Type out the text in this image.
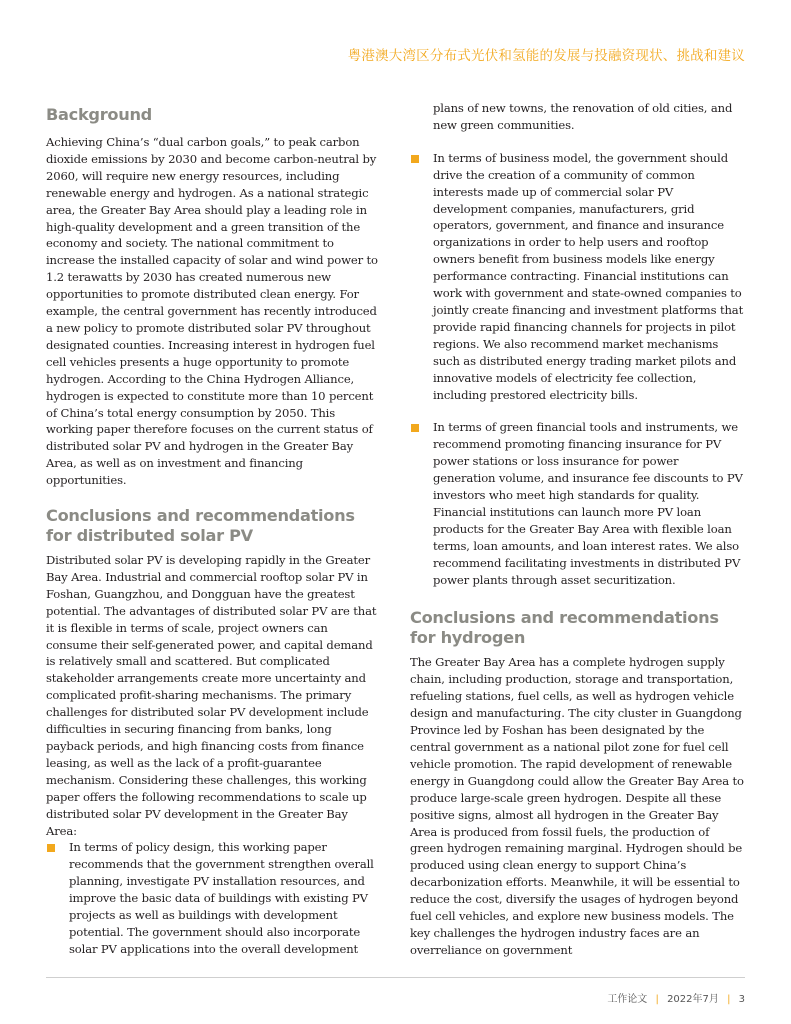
粤港澳大湾区分布式光伏和氢能的发展与投融资现状、挑战和建议
Background

Achieving China’s “dual carbon goals,” to peak carbon dioxide emissions by 2030 and become carbon-neutral by 2060, will require new energy resources, including renewable energy and hydrogen. As a national strategic area, the Greater Bay Area should play a leading role in high-quality development and a green transition of the economy and society. The national commitment to increase the installed capacity of solar and wind power to 1.2 terawatts by 2030 has created numerous new opportunities to promote distributed clean energy. For example, the central government has recently introduced a new policy to promote distributed solar PV throughout designated counties. Increasing interest in hydrogen fuel cell vehicles presents a huge opportunity to promote hydrogen. According to the China Hydrogen Alliance, hydrogen is expected to constitute more than 10 percent of China’s total energy consumption by 2050. This working paper therefore focuses on the current status of distributed solar PV and hydrogen in the Greater Bay Area, as well as on investment and financing opportunities.

Conclusions and recommendations
for distributed solar PV

Distributed solar PV is developing rapidly in the Greater Bay Area. Industrial and commercial rooftop solar PV in Foshan, Guangzhou, and Dongguan have the greatest potential. The advantages of distributed solar PV are that it is flexible in terms of scale, project owners can consume their self-generated power, and capital demand is relatively small and scattered. But complicated stakeholder arrangements create more uncertainty and complicated profit-sharing mechanisms. The primary challenges for distributed solar PV development include difficulties in securing financing from banks, long payback periods, and high financing costs from finance leasing, as well as the lack of a profit-guarantee mechanism. Considering these challenges, this working paper offers the following recommendations to scale up distributed solar PV development in the Greater Bay Area:

In terms of policy design, this working paper recommends that the government strengthen overall planning, investigate PV installation resources, and improve the basic data of buildings with existing PV projects as well as buildings with development potential. The government should also incorporate solar PV applications into the overall development
plans of new towns, the renovation of old cities, and new green communities.
In terms of business model, the government should drive the creation of a community of common interests made up of commercial solar PV development companies, manufacturers, grid operators, government, and finance and insurance organizations in order to help users and rooftop owners benefit from business models like energy performance contracting. Financial institutions can work with government and state-owned companies to jointly create financing and investment platforms that provide rapid financing channels for projects in pilot regions. We also recommend market mechanisms such as distributed energy trading market pilots and innovative models of electricity fee collection, including prestored electricity bills.
In terms of green financial tools and instruments, we recommend promoting financing insurance for PV power stations or loss insurance for power generation volume, and insurance fee discounts to PV investors who meet high standards for quality. Financial institutions can launch more PV loan products for the Greater Bay Area with flexible loan terms, loan amounts, and loan interest rates. We also recommend facilitating investments in distributed PV power plants through asset securitization.
Conclusions and recommendations
for hydrogen

The Greater Bay Area has a complete hydrogen supply chain, including production, storage and transportation, refueling stations, fuel cells, as well as hydrogen vehicle design and manufacturing. The city cluster in Guangdong Province led by Foshan has been designated by the central government as a national pilot zone for fuel cell vehicle promotion. The rapid development of renewable energy in Guangdong could allow the Greater Bay Area to produce large-scale green hydrogen. Despite all these positive signs, almost all hydrogen in the Greater Bay Area is produced from fossil fuels, the production of green hydrogen remaining marginal. Hydrogen should be produced using clean energy to support China’s decarbonization efforts. Meanwhile, it will be essential to reduce the cost, diversify the usages of hydrogen beyond fuel cell vehicles, and explore new business models. The key challenges the hydrogen industry faces are an overreliance on government

工作论文 | 2022年7月 | 3
